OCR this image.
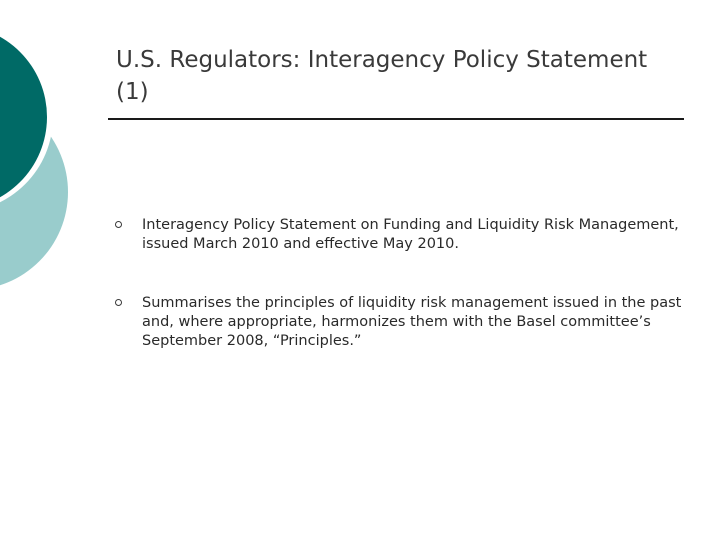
U.S. Regulators: Interagency Policy Statement (1)
Interagency Policy Statement on Funding and Liquidity Risk Management, issued March 2010 and effective May 2010.
Summarises the principles of liquidity risk management issued in the past and, where appropriate, harmonizes them with the Basel committee’s September 2008, “Principles.”
